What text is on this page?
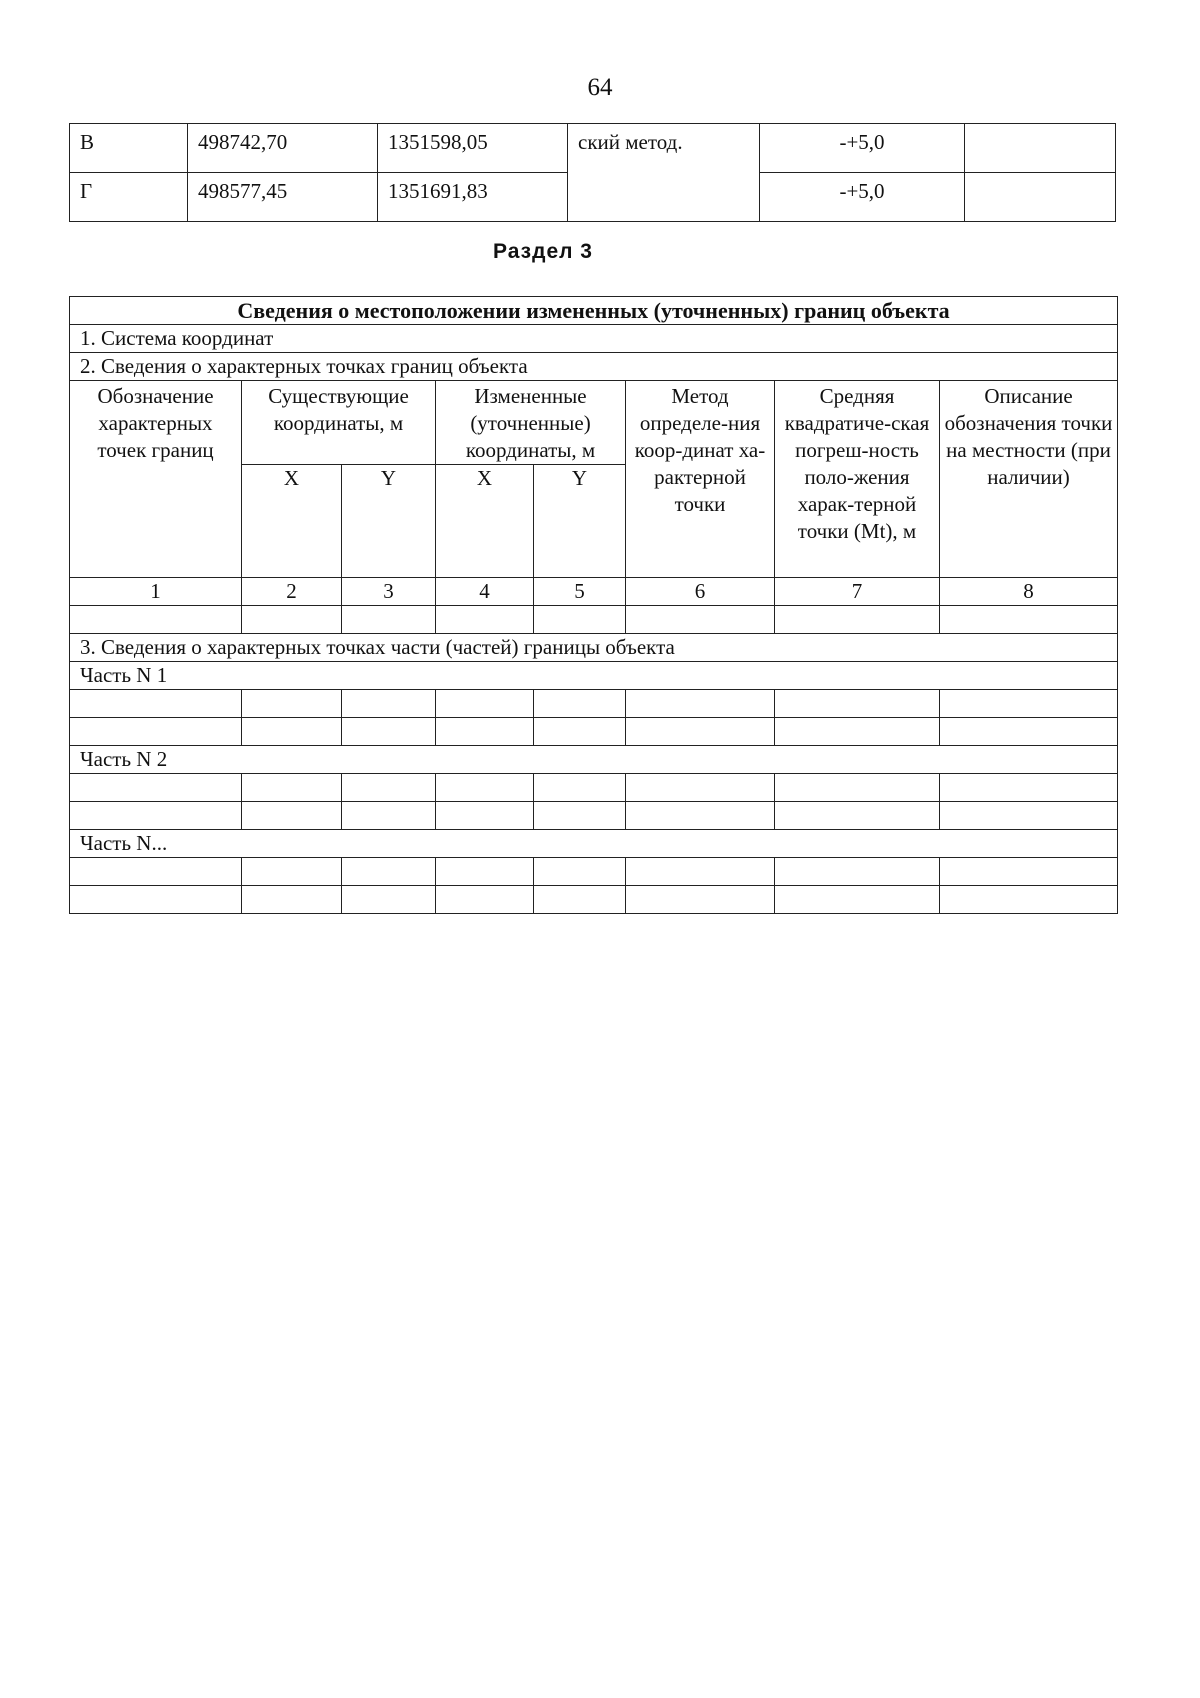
64
В	498742,70	1351598,05	ский метод.	-+5,0	
Г	498577,45	1351691,83		-+5,0	
Раздел 3
Сведения о местоположении измененных (уточненных) границ объекта							
1. Система координат							
2. Сведения о характерных точках границ объекта							
Обозначение характерных точек границ	Существующие координаты, м		Измененные (уточненные) координаты, м		Метод определе-ния коор-динат ха-рактерной точки	Средняя квадратиче-ская погреш-ность поло-жения харак-терной точки (Mt), м	Описание обозначения точки на местности (при наличии)
	X	Y	X	Y			
1	2	3	4	5	6	7	8

3. Сведения о характерных точках части (частей) границы объекта							
Часть N 1							

Часть N 2							

Часть N...							
